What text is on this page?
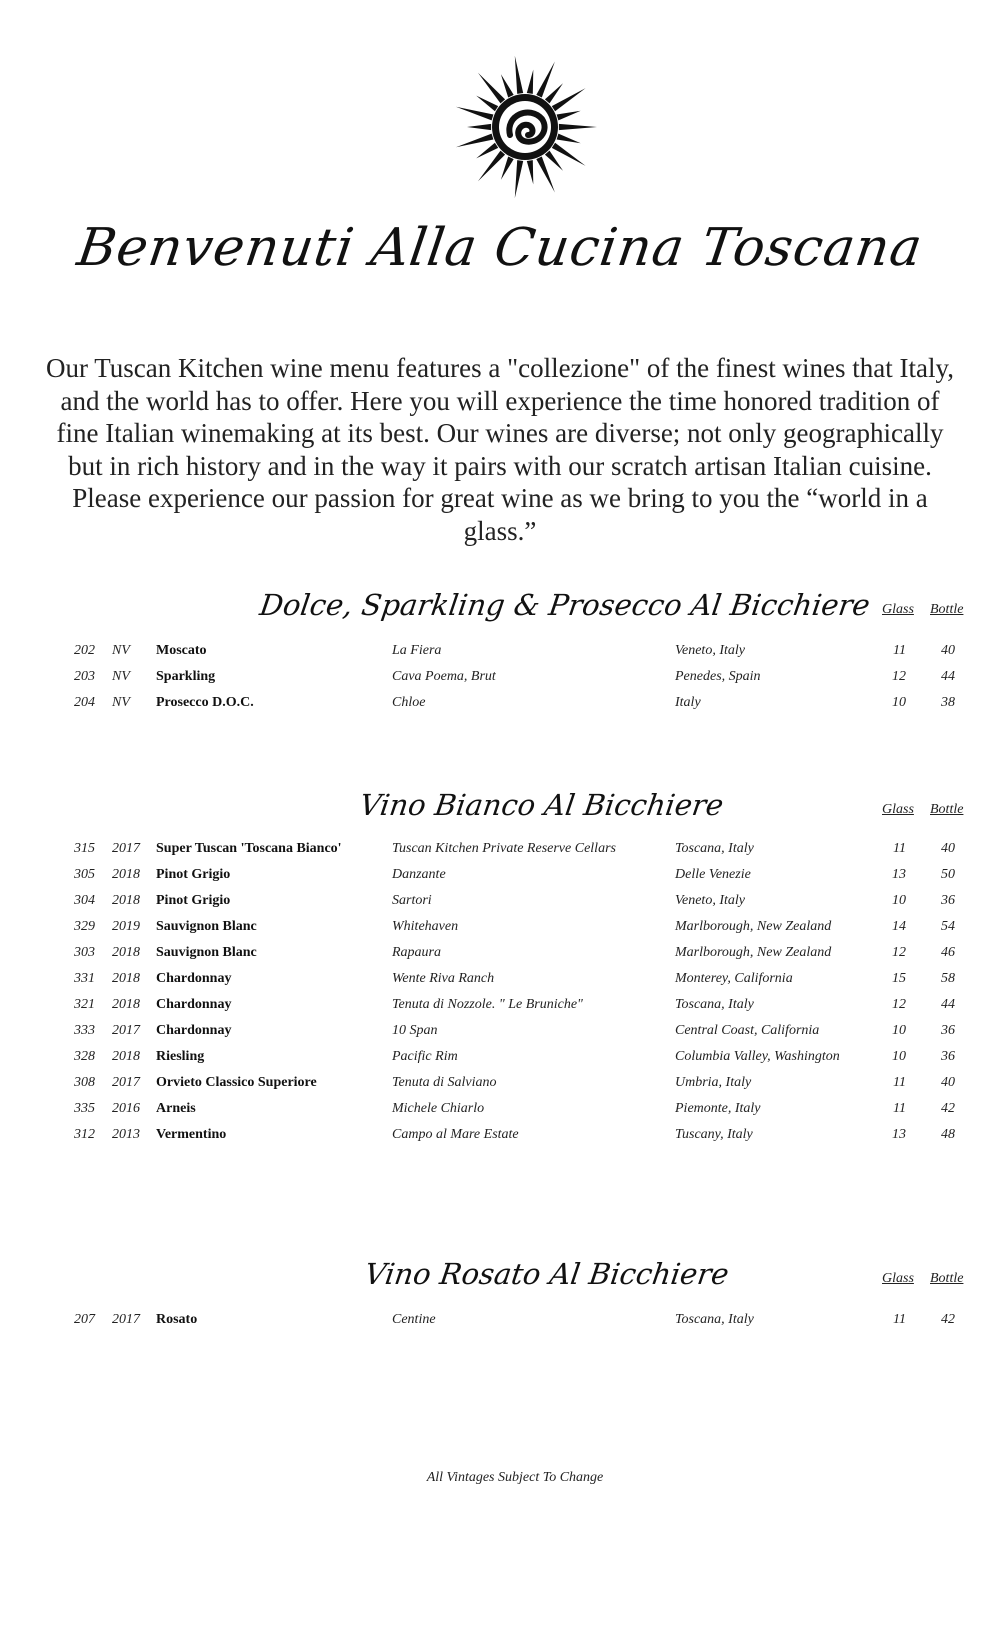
Benvenuti Alla Cucina Toscana
Our Tuscan Kitchen wine menu features a "collezione" of the finest wines that Italy, and the world has to offer. Here you will experience the time honored tradition of fine Italian winemaking at its best. Our wines are diverse; not only geographically but in rich history and in the way it pairs with our scratch artisan Italian cuisine. Please experience our passion for great wine as we bring to you the “world in a glass.”
Dolce, Sparkling & Prosecco Al Bicchiere Glass Bottle
202 NV Moscato	La Fiera	Veneto, Italy	11	40
203 NV Sparkling	Cava Poema, Brut	Penedes, Spain	12	44
204 NV Prosecco D.O.C.	Chloe	Italy	10	38
Vino Bianco Al Bicchiere	Glass Bottle
315 2017 Super Tuscan 'Toscana Bianco'	Tuscan Kitchen Private Reserve Cellars	Toscana, Italy	11	40
305 2018 Pinot Grigio	Danzante	Delle Venezie	13	50
304 2018 Pinot Grigio	Sartori	Veneto, Italy	10	36
329 2019 Sauvignon Blanc	Whitehaven	Marlborough, New Zealand	14	54
303 2018 Sauvignon Blanc	Rapaura	Marlborough, New Zealand	12	46
331 2018 Chardonnay	Wente Riva Ranch	Monterey, California	15	58
321 2018 Chardonnay	Tenuta di Nozzole. " Le Bruniche"	Toscana, Italy	12	44
333 2017 Chardonnay	10 Span	Central Coast, California	10	36
328 2018 Riesling	Pacific Rim	Columbia Valley, Washington	10	36
308 2017 Orvieto Classico Superiore	Tenuta di Salviano	Umbria, Italy	11	40
335 2016 Arneis	Michele Chiarlo	Piemonte, Italy	11	42
312 2013 Vermentino	Campo al Mare Estate	Tuscany, Italy	13	48
Vino Rosato Al Bicchiere	Glass Bottle
207 2017 Rosato	Centine	Toscana, Italy	11	42
All Vintages Subject To Change
